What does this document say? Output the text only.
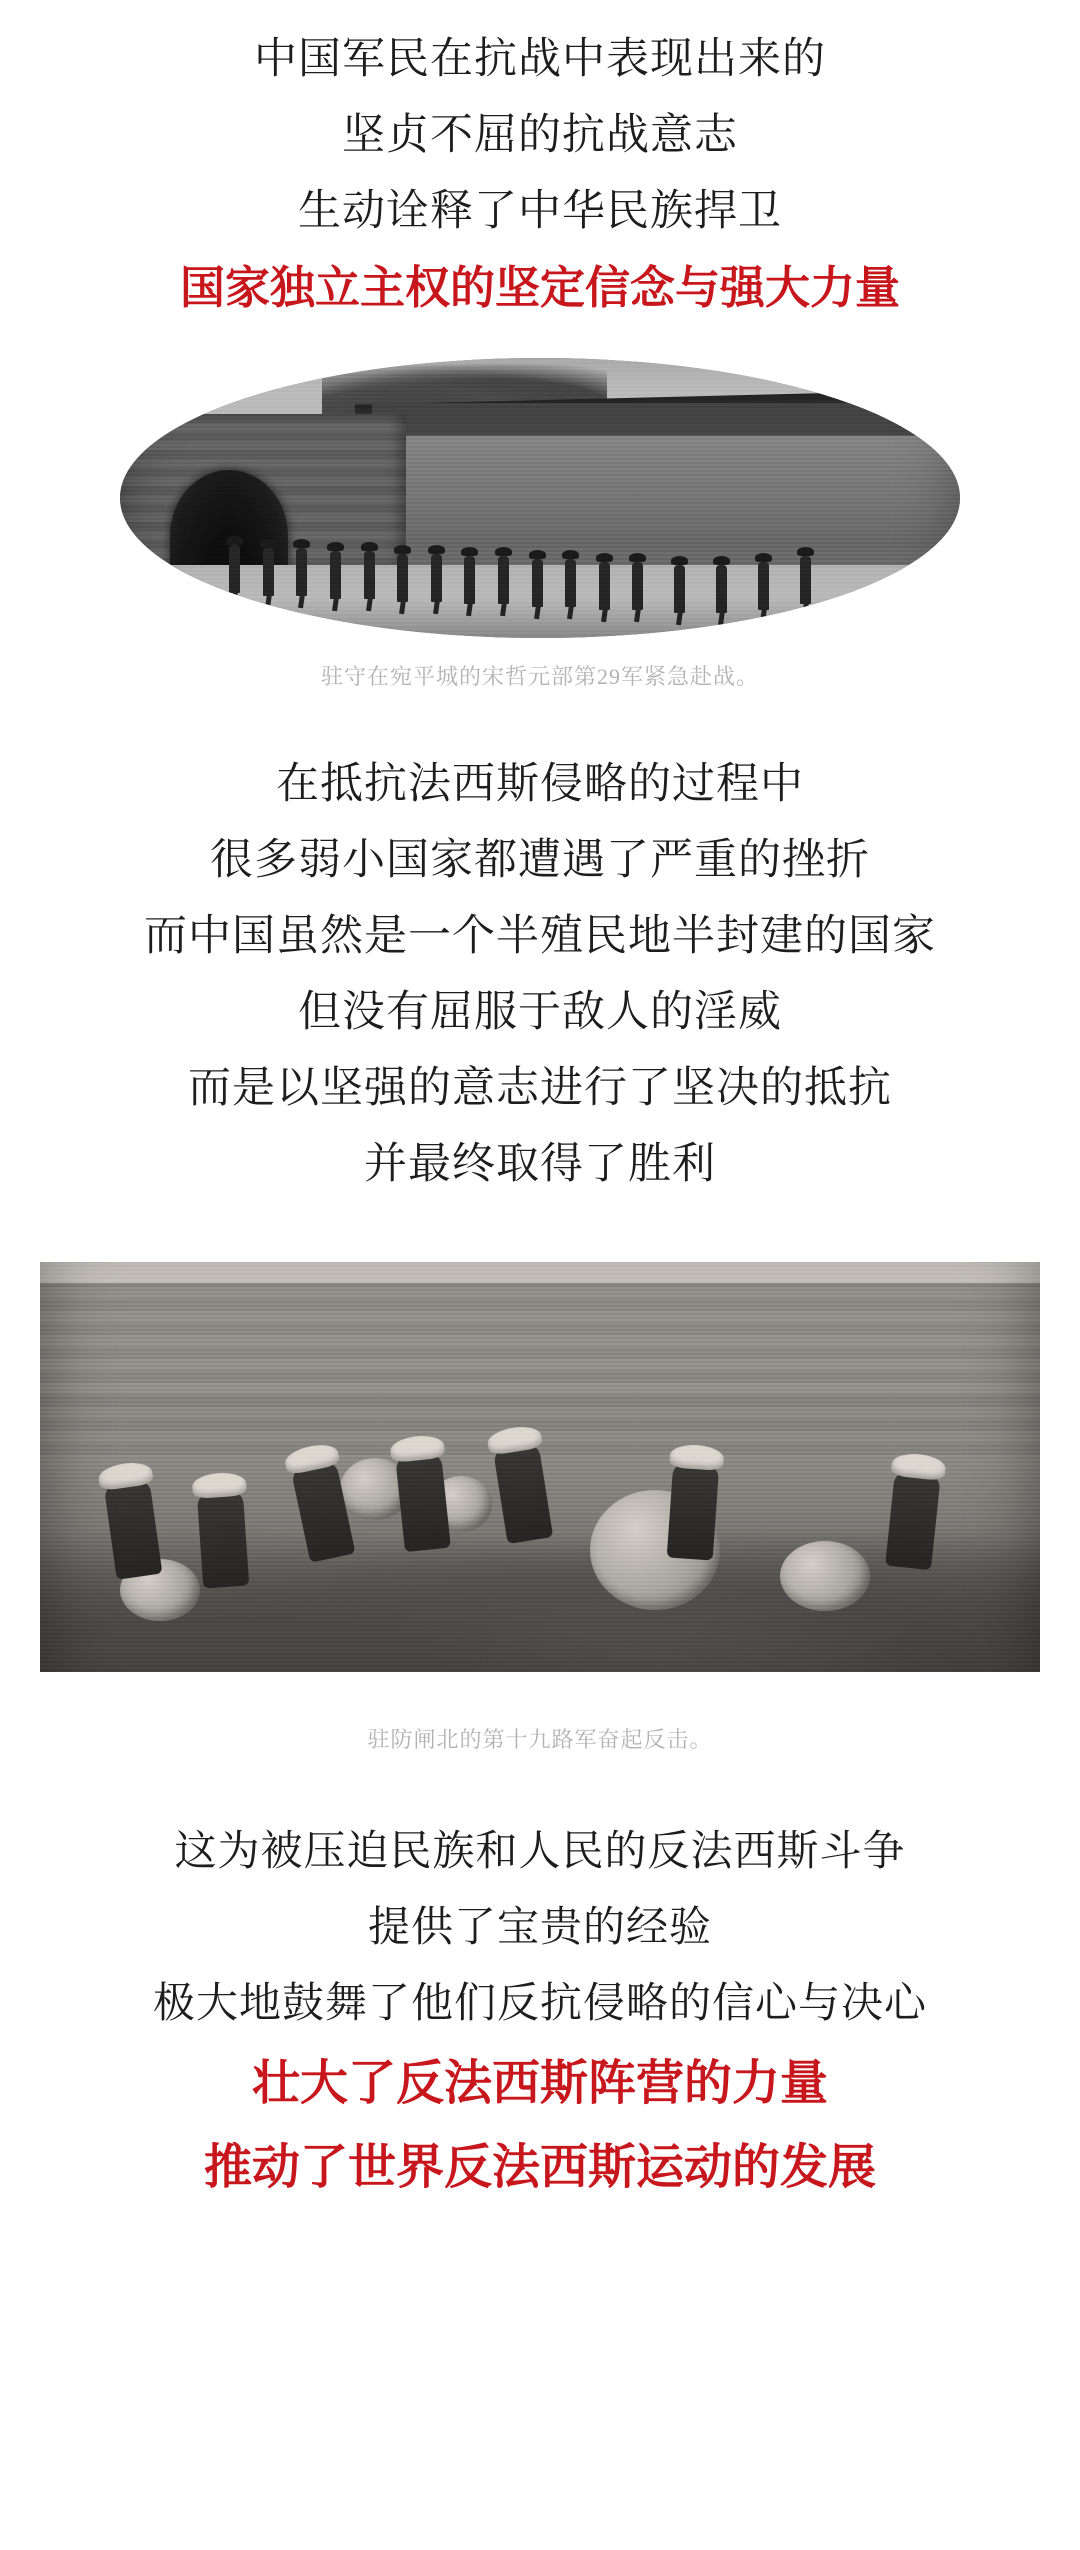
中国军民在抗战中表现出来的
坚贞不屈的抗战意志
生动诠释了中华民族捍卫
国家独立主权的坚定信念与强大力量
驻守在宛平城的宋哲元部第29军紧急赴战。
在抵抗法西斯侵略的过程中
很多弱小国家都遭遇了严重的挫折
而中国虽然是一个半殖民地半封建的国家
但没有屈服于敌人的淫威
而是以坚强的意志进行了坚决的抵抗
并最终取得了胜利
驻防闸北的第十九路军奋起反击。
这为被压迫民族和人民的反法西斯斗争
提供了宝贵的经验
极大地鼓舞了他们反抗侵略的信心与决心
壮大了反法西斯阵营的力量
推动了世界反法西斯运动的发展
